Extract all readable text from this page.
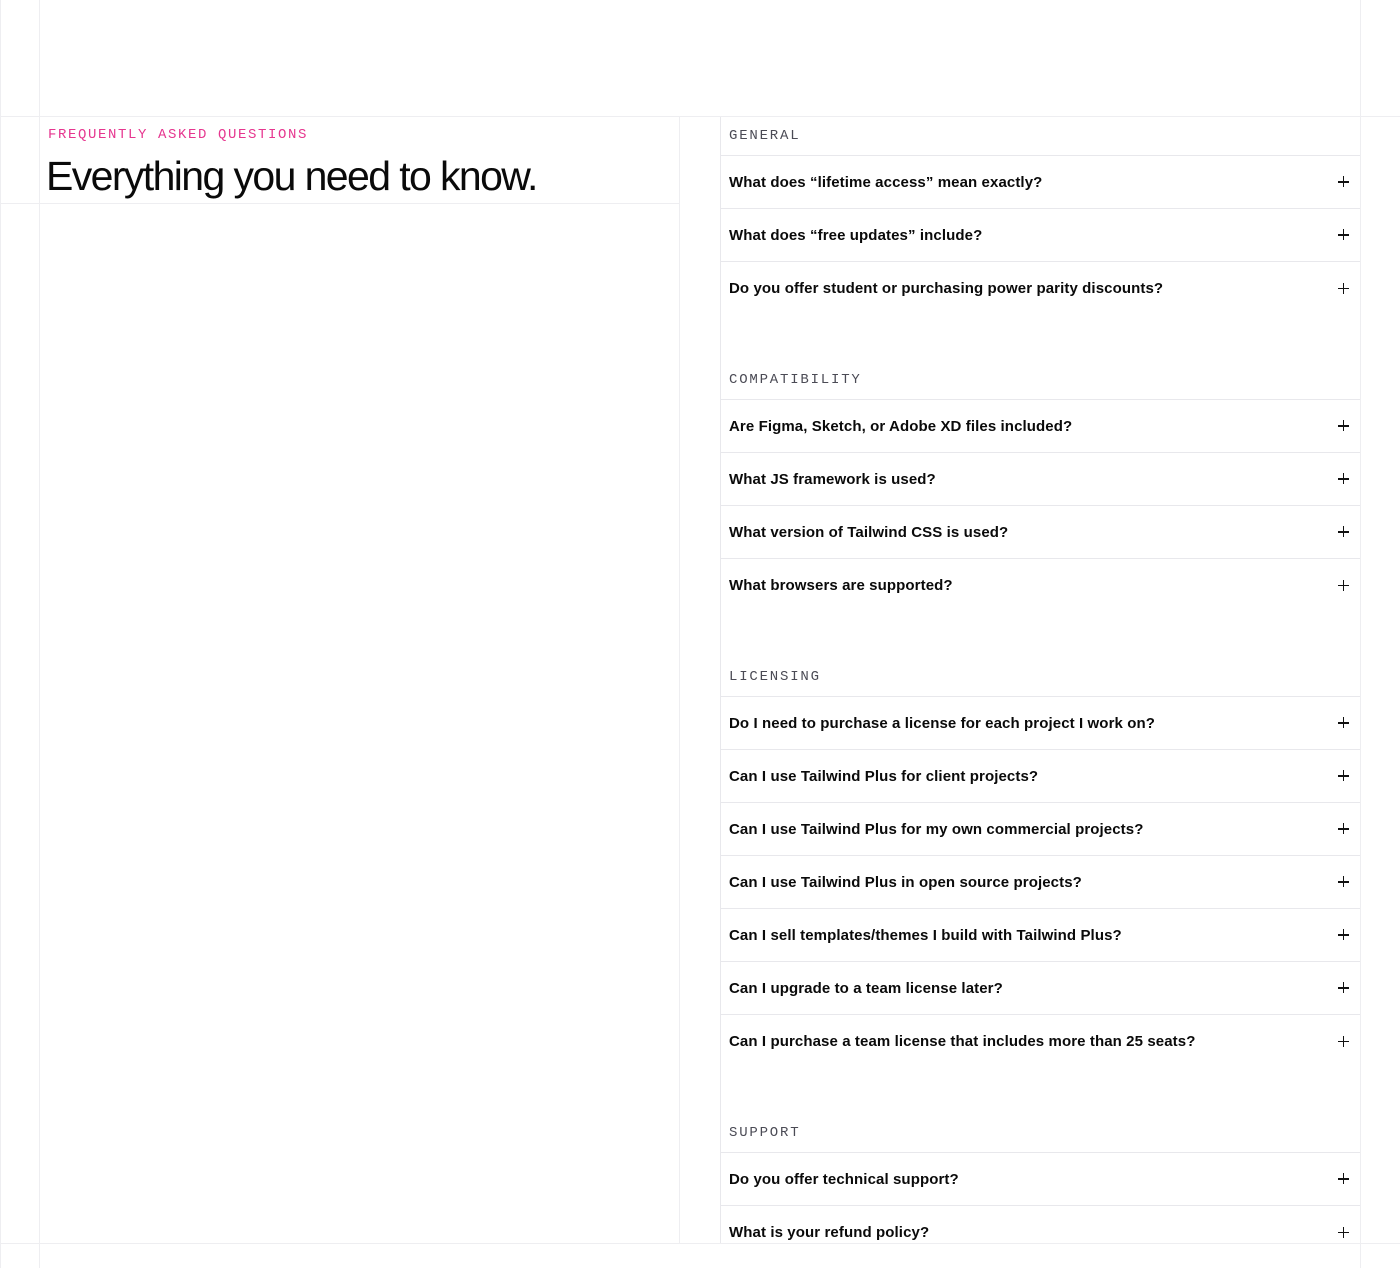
FREQUENTLY ASKED QUESTIONS
Everything you need to know.
GENERAL
What does “lifetime access” mean exactly?
What does “free updates” include?
Do you offer student or purchasing power parity discounts?
COMPATIBILITY
Are Figma, Sketch, or Adobe XD files included?
What JS framework is used?
What version of Tailwind CSS is used?
What browsers are supported?
LICENSING
Do I need to purchase a license for each project I work on?
Can I use Tailwind Plus for client projects?
Can I use Tailwind Plus for my own commercial projects?
Can I use Tailwind Plus in open source projects?
Can I sell templates/themes I build with Tailwind Plus?
Can I upgrade to a team license later?
Can I purchase a team license that includes more than 25 seats?
SUPPORT
Do you offer technical support?
What is your refund policy?
